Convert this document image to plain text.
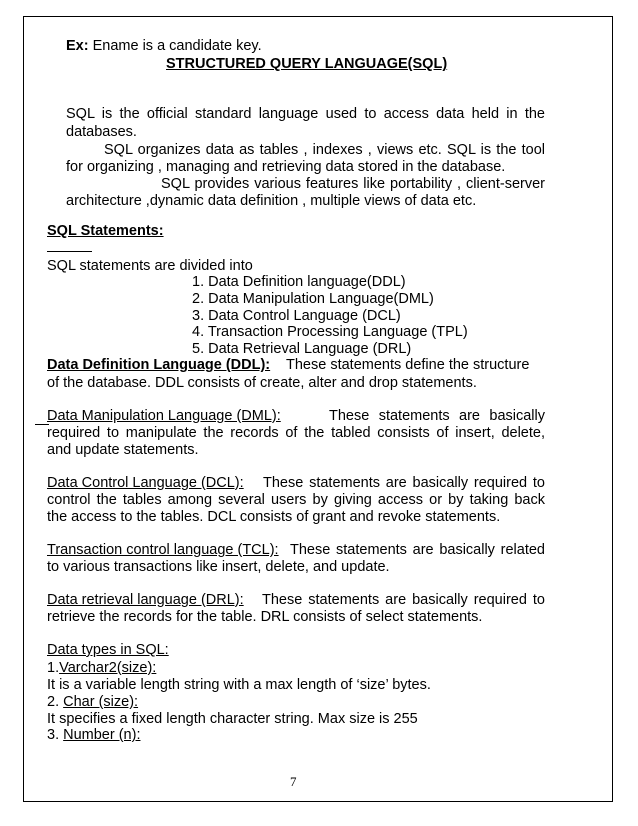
Ex: Ename is a candidate key.
STRUCTURED QUERY LANGUAGE(SQL)
SQL is the official standard language used to access data held in the
databases.
SQL organizes data as tables , indexes , views etc. SQL is the tool
for organizing , managing and retrieving data stored in the database.
SQL provides various features like portability , client-server
architecture ,dynamic data definition , multiple views of data etc.
SQL Statements:
SQL statements are divided into
1. Data Definition language(DDL)
2. Data Manipulation Language(DML)
3. Data Control Language (DCL)
4. Transaction Processing Language (TPL)
5. Data Retrieval Language (DRL)
Data Definition Language (DDL): These statements define the structure
of the database. DDL consists of create, alter and drop statements.
Data Manipulation Language (DML):	These statements are basically
required to manipulate the records of the tabled consists of insert, delete,
and update statements.
Data Control Language (DCL): These statements are basically required to
control the tables among several users by giving access or by taking back
the access to the tables. DCL consists of grant and revoke statements.
Transaction control language (TCL): These statements are basically related
to various transactions like insert, delete, and update.
Data retrieval language (DRL): These statements are basically required to
retrieve the records for the table. DRL consists of select statements.
Data types in SQL:
1.Varchar2(size):
It is a variable length string with a max length of ‘size’ bytes.
2. Char (size):
It specifies a fixed length character string. Max size is 255
3. Number (n):
7
